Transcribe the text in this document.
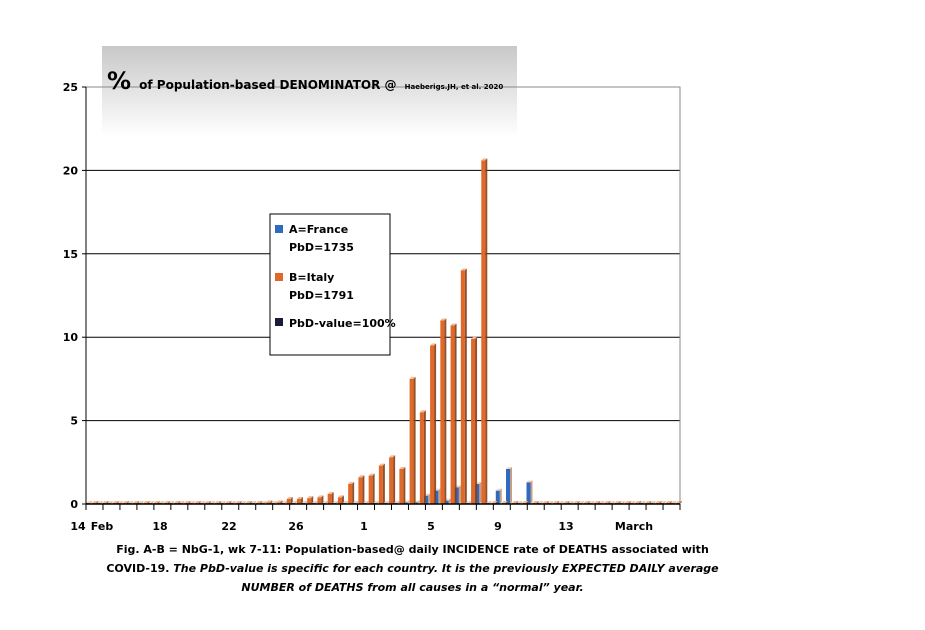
0
5
10
15
20
25
14 Feb	18	22	26	1	5	9	13	March
% of Population-based DENOMINATOR @ Haeberigs.JH, et al. 2020
A=France
PbD=1735
B=Italy
PbD=1791
PbD-value=100%
Fig. A-B = NbG-1, wk 7-11: Population-based@ daily INCIDENCE rate of DEATHS associated with
COVID-19. The PbD-value is specific for each country. It is the previously EXPECTED DAILY average
NUMBER of DEATHS from all causes in a “normal” year.
